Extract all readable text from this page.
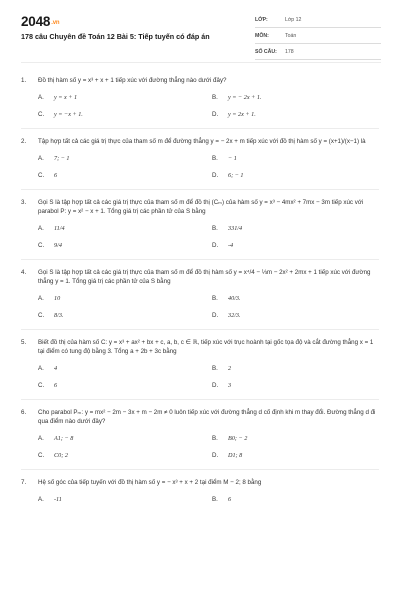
2048.vn
178 câu Chuyên đề Toán 12 Bài 5: Tiếp tuyến có đáp án
LỚP:	Lớp 12
MÔN:	Toán
SỐ CÂU: 178
1.	Đồ thị hàm số y = x³ + x + 1 tiếp xúc với đường thẳng nào dưới đây?
A.	y = x + 1	B.	y = − 2x + 1.
C.	y = −x + 1.	D.	y = 2x + 1.
2.	Tập hợp tất cả các giá trị thực của tham số m để đường thẳng y = − 2x + m tiếp xúc với đồ thị hàm số y = (x+1)/(x−1) là
A.	7; − 1	B.	− 1
C.	6	D.	6; − 1
3.	Gọi S là tập hợp tất cả các giá trị thực của tham số m để đồ thị (Cₘ) của hàm số y = x³ − 4mx² + 7mx − 3m tiếp xúc với parabol P: y = x² − x + 1. Tổng giá trị các phần tử của S bằng
A.	11/4	B.	331/4
C.	9/4	D.	-4
4.	Gọi S là tập hợp tất cả các giá trị thực của tham số m để đồ thị hàm số y = x⁴/4 − ⅓m − 2x² + 2mx + 1 tiếp xúc với đường thẳng y = 1. Tổng giá trị các phần tử của S bằng
A.	10	B.	40/3.
C.	8/3.	D.	32/3.
5.	Biết đồ thị của hàm số C: y = x³ + ax² + bx + c, a, b, c ∈ ℝ, tiếp xúc với trục hoành tại gốc tọa độ và cắt đường thẳng x = 1 tại điểm có tung độ bằng 3. Tổng a + 2b + 3c bằng
A.	4	B.	2
C.	6	D.	3
6.	Cho parabol Pₘ: y = mx² − 2m − 3x + m − 2m ≠ 0 luôn tiếp xúc với đường thẳng d cố định khi m thay đổi. Đường thẳng d đi qua điểm nào dưới đây?
A.	A1; − 8	B.	B0; − 2
C.	C0; 2	D.	D1; 8
7.	Hệ số góc của tiếp tuyến với đồ thị hàm số y = − x³ + x + 2 tại điểm M − 2; 8 bằng
A.	-11	B.	6
